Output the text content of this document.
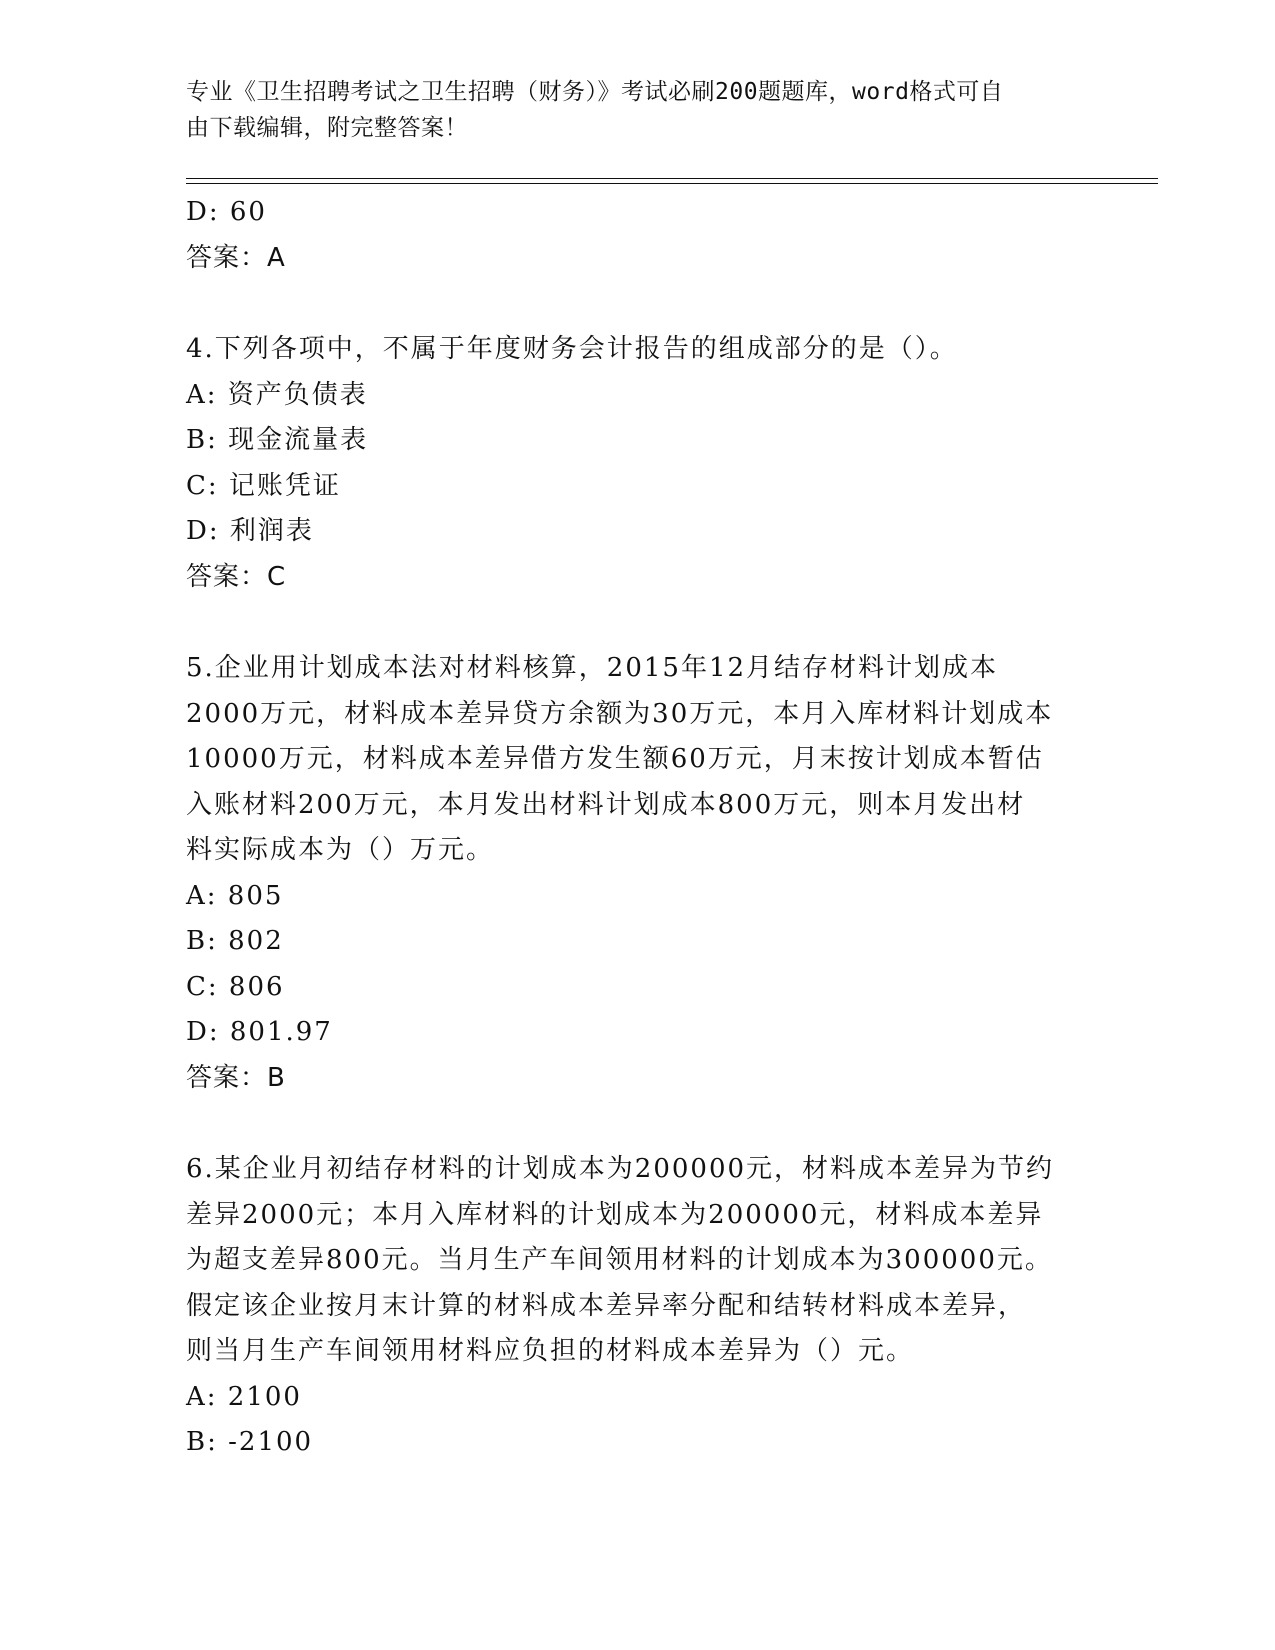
专业《卫生招聘考试之卫生招聘（财务）》考试必刷200题题库，word格式可自
由下载编辑，附完整答案！
D: 60
答案：A
4.下列各项中，不属于年度财务会计报告的组成部分的是（）。
A: 资产负债表
B: 现金流量表
C: 记账凭证
D: 利润表
答案：C
5.企业用计划成本法对材料核算，2015年12月结存材料计划成本
2000万元，材料成本差异贷方余额为30万元，本月入库材料计划成本
10000万元，材料成本差异借方发生额60万元，月末按计划成本暂估
入账材料200万元，本月发出材料计划成本800万元，则本月发出材
料实际成本为（）万元。
A: 805
B: 802
C: 806
D: 801.97
答案：B
6.某企业月初结存材料的计划成本为200000元，材料成本差异为节约
差异2000元；本月入库材料的计划成本为200000元，材料成本差异
为超支差异800元。当月生产车间领用材料的计划成本为300000元。
假定该企业按月末计算的材料成本差异率分配和结转材料成本差异，
则当月生产车间领用材料应负担的材料成本差异为（）元。
A: 2100
B: -2100
